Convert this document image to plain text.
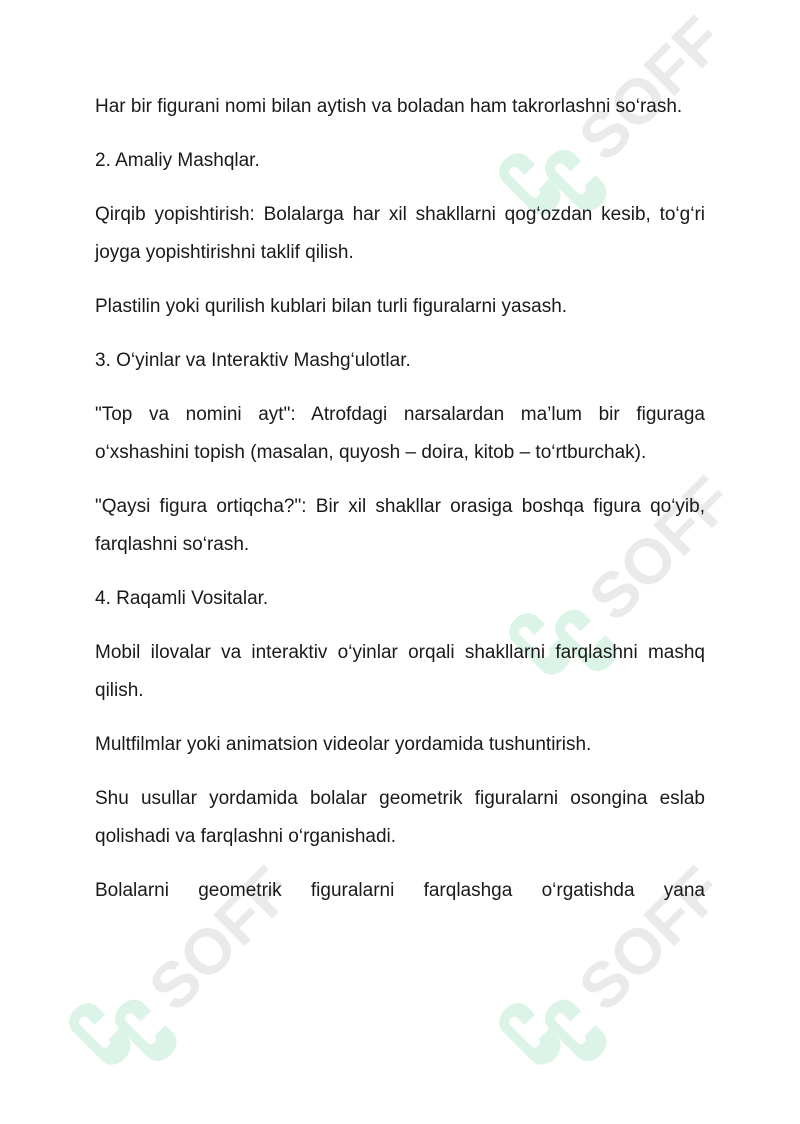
SOFF
SOFF
SOFF
SOFF

Har bir figurani nomi bilan aytish va boladan ham takrorlashni so‘rash.

2. Amaliy Mashqlar.

Qirqib yopishtirish: Bolalarga har xil shakllarni qog‘ozdan kesib, to‘g‘ri joyga yopishtirishni taklif qilish.

Plastilin yoki qurilish kublari bilan turli figuralarni yasash.

3. O‘yinlar va Interaktiv Mashg‘ulotlar.

"Top va nomini ayt": Atrofdagi narsalardan ma’lum bir figuraga o‘xshashini topish (masalan, quyosh – doira, kitob – to‘rtburchak).

"Qaysi figura ortiqcha?": Bir xil shakllar orasiga boshqa figura qo‘yib, farqlashni so‘rash.

4. Raqamli Vositalar.

Mobil ilovalar va interaktiv o‘yinlar orqali shakllarni farqlashni mashq qilish.

Multfilmlar yoki animatsion videolar yordamida tushuntirish.

Shu usullar yordamida bolalar geometrik figuralarni osongina eslab qolishadi va farqlashni o‘rganishadi.

Bolalarni geometrik figuralarni farqlashga o‘rgatishda yana
